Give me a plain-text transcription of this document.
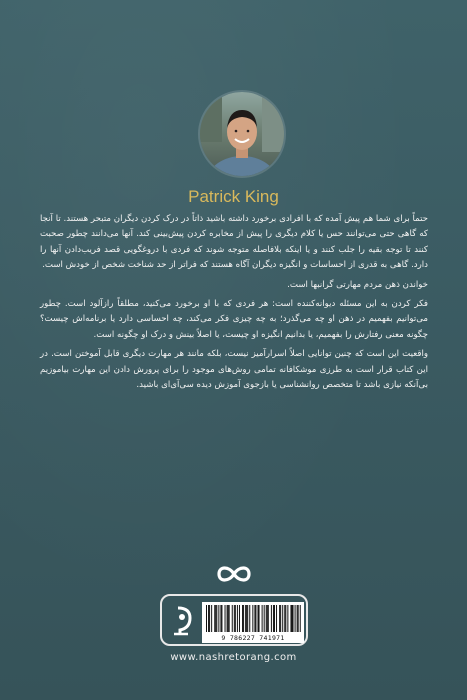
Patrick King

حتماً برای شما هم پیش آمده که با افرادی برخورد داشته باشید ذاتاً در درک کردن دیگران متبحر هستند. تا آنجا که گاهی حتی می‌توانند حس یا کلام دیگری را پیش از مخابره کردن پیش‌بینی کند. آنها می‌دانند چطور صحبت کنند تا توجه بقیه را جلب کنند و یا اینکه بلافاصله متوجه شوند که فردی با دروغگویی قصد فریب‌دادن آنها را دارد. گاهی به قدری از احساسات و انگیزه دیگران آگاه هستند که فراتر از حد شناخت شخص از خودش است.

خواندن ذهن مردم مهارتی گرانبها است.

فکر کردن به این مسئله دیوانه‌کننده است: هر فردی که با او برخورد می‌کنید، مطلقاً رازآلود است. چطور می‌توانیم بفهمیم در ذهن او چه می‌گذرد؛ به چه چیزی فکر می‌کند، چه احساسی دارد یا برنامه‌اش چیست؟ چگونه معنی رفتارش را بفهمیم، یا بدانیم انگیزه او چیست، یا اصلاً بینش و درک او چگونه است.

واقعیت این است که چنین توانایی اصلاً اسرارآمیز نیست، بلکه مانند هر مهارت دیگری قابل آموختن است. در این کتاب قرار است به طرزی موشکافانه تمامی روش‌های موجود را برای پرورش دادن این مهارت بیاموزیم بی‌آنکه نیازی باشد تا متخصص روانشناسی یا بازجوی آموزش دیده سی‌آی‌ای باشید.

9 786227 741971
www.nashretorang.com
